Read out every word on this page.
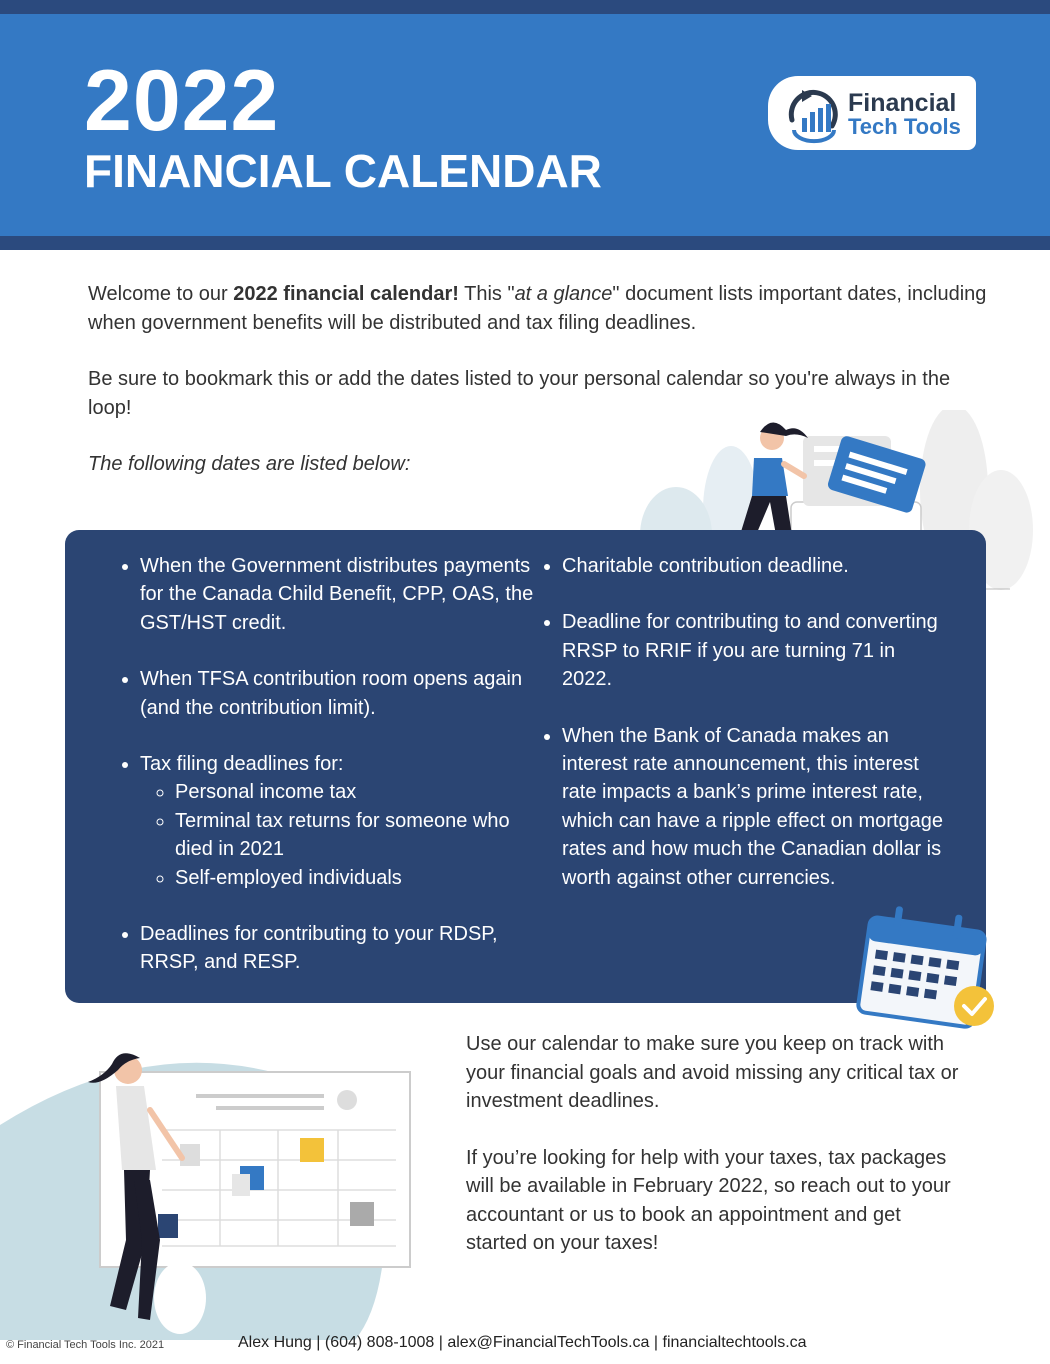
2022
FINANCIAL CALENDAR
Financial
Tech Tools

Welcome to our 2022 financial calendar! This "at a glance" document lists important dates, including when government benefits will be distributed and tax filing deadlines.

Be sure to bookmark this or add the dates listed to your personal calendar so you're always in the loop!

The following dates are listed below:

• When the Government distributes payments for the Canada Child Benefit, CPP, OAS, the GST/HST credit.
• When TFSA contribution room opens again (and the contribution limit).
• Tax filing deadlines for:
◦ Personal income tax
◦ Terminal tax returns for someone who died in 2021
◦ Self-employed individuals
• Deadlines for contributing to your RDSP, RRSP, and RESP.
• Charitable contribution deadline.
• Deadline for contributing to and converting RRSP to RRIF if you are turning 71 in 2022.
• When the Bank of Canada makes an interest rate announcement, this interest rate impacts a bank’s prime interest rate, which can have a ripple effect on mortgage rates and how much the Canadian dollar is worth against other currencies.

Use our calendar to make sure you keep on track with your financial goals and avoid missing any critical tax or investment deadlines.

If you’re looking for help with your taxes, tax packages will be available in February 2022, so reach out to your accountant or us to book an appointment and get started on your taxes!

© Financial Tech Tools Inc. 2021	Alex Hung | (604) 808-1008 | alex@FinancialTechTools.ca | financialtechtools.ca
